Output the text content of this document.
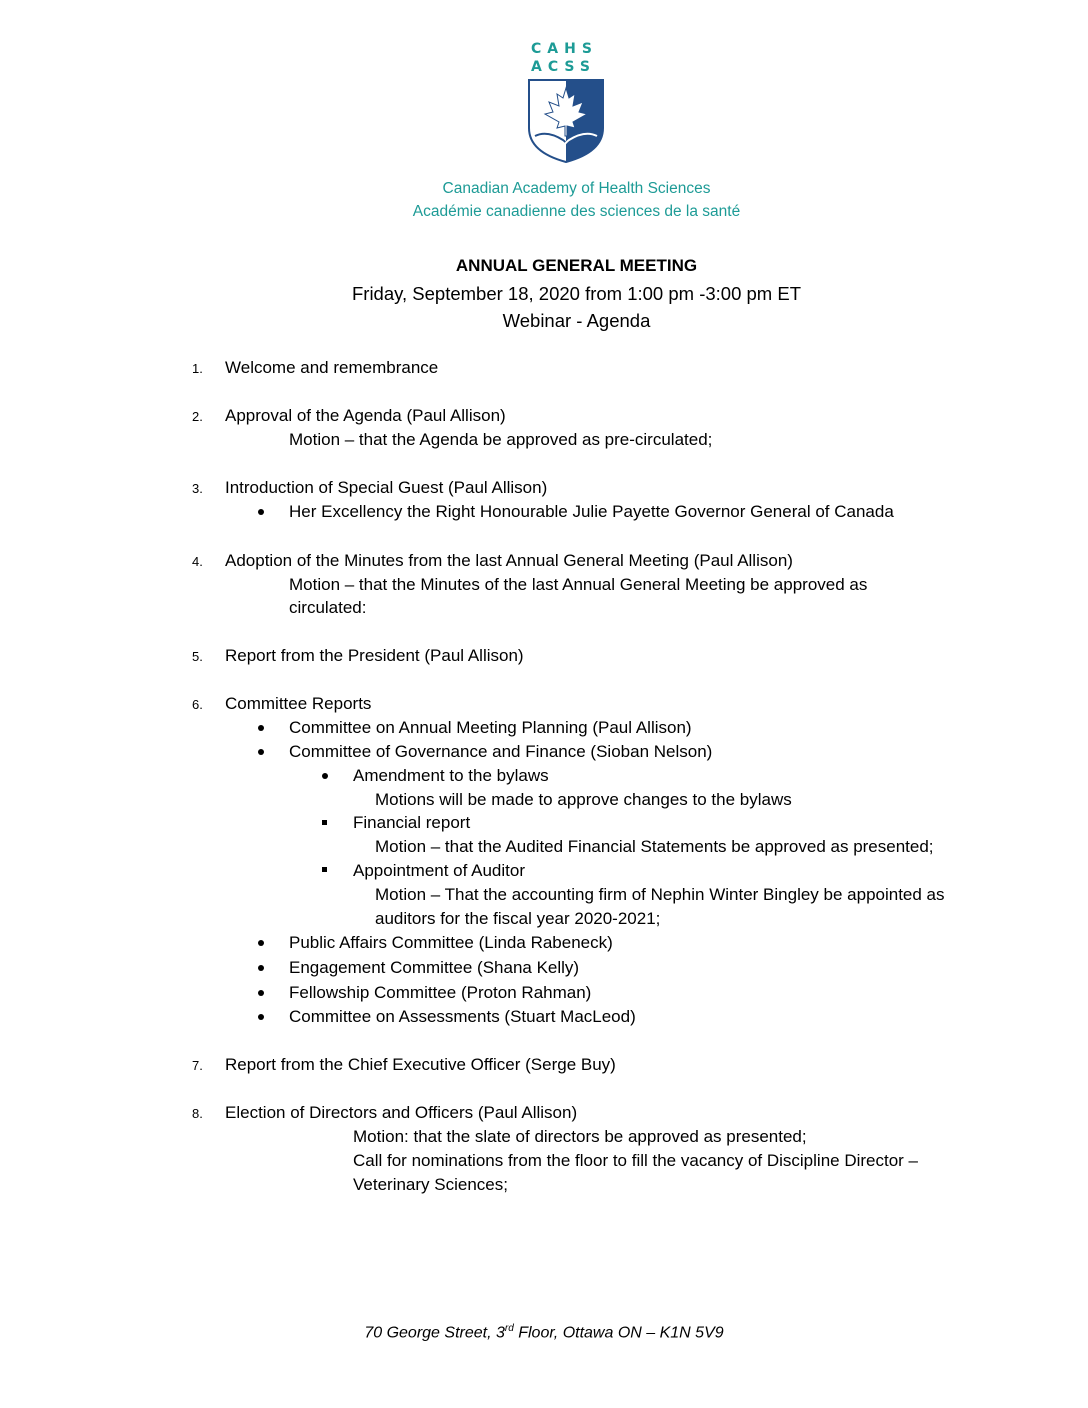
CAHS
ACSS
Canadian Academy of Health Sciences
Académie canadienne des sciences de la santé
ANNUAL GENERAL MEETING
Friday, September 18, 2020 from 1:00 pm -3:00 pm ET
Webinar - Agenda
1. Welcome and remembrance
2. Approval of the Agenda (Paul Allison)
Motion – that the Agenda be approved as pre-circulated;
3. Introduction of Special Guest (Paul Allison)
Her Excellency the Right Honourable Julie Payette Governor General of Canada
4. Adoption of the Minutes from the last Annual General Meeting (Paul Allison)
Motion – that the Minutes of the last Annual General Meeting be approved as
circulated:
5. Report from the President (Paul Allison)
6. Committee Reports
Committee on Annual Meeting Planning (Paul Allison)
Committee of Governance and Finance (Sioban Nelson)
Amendment to the bylaws
Motions will be made to approve changes to the bylaws
Financial report
Motion – that the Audited Financial Statements be approved as presented;
Appointment of Auditor
Motion – That the accounting firm of Nephin Winter Bingley be appointed as
auditors for the fiscal year 2020-2021;
Public Affairs Committee (Linda Rabeneck)
Engagement Committee (Shana Kelly)
Fellowship Committee (Proton Rahman)
Committee on Assessments (Stuart MacLeod)
7. Report from the Chief Executive Officer (Serge Buy)
8. Election of Directors and Officers (Paul Allison)
Motion: that the slate of directors be approved as presented;
Call for nominations from the floor to fill the vacancy of Discipline Director –
Veterinary Sciences;
70 George Street, 3rd Floor, Ottawa ON – K1N 5V9
